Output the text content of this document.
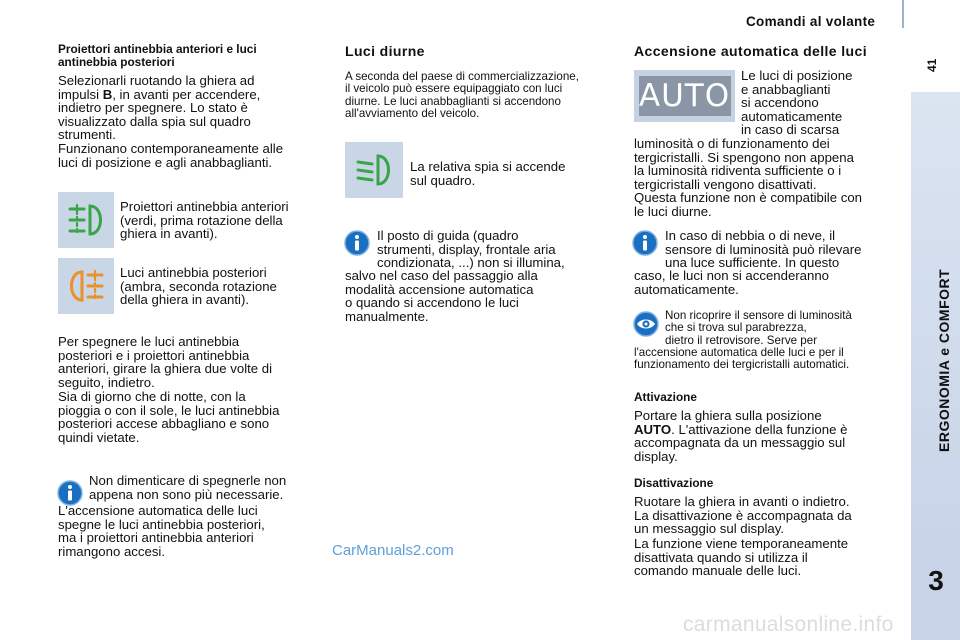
Comandi al volante
41
ERGONOMIA e COMFORT
3
Proiettori antinebbia anteriori e luci
antinebbia posteriori
Selezionarli ruotando la ghiera ad
impulsi B, in avanti per accendere,
indietro per spegnere. Lo stato è
visualizzato dalla spia sul quadro
strumenti.
Funzionano contemporaneamente alle
luci di posizione e agli anabbaglianti.
Proiettori antinebbia anteriori
(verdi, prima rotazione della
ghiera in avanti).
Luci antinebbia posteriori
(ambra, seconda rotazione
della ghiera in avanti).
Per spegnere le luci antinebbia
posteriori e i proiettori antinebbia
anteriori, girare la ghiera due volte di
seguito, indietro.
Sia di giorno che di notte, con la
pioggia o con il sole, le luci antinebbia
posteriori accese abbagliano e sono
quindi vietate.
Non dimenticare di spegnerle non
appena non sono più necessarie.
L'accensione automatica delle luci
spegne le luci antinebbia posteriori,
ma i proiettori antinebbia anteriori
rimangono accesi.
Luci diurne
A seconda del paese di commercializzazione,
il veicolo può essere equipaggiato con luci
diurne. Le luci anabbaglianti si accendono
all'avviamento del veicolo.
La relativa spia si accende
sul quadro.
Il posto di guida (quadro
strumenti, display, frontale aria
condizionata, ...) non si illumina,
salvo nel caso del passaggio alla
modalità accensione automatica
o quando si accendono le luci
manualmente.
CarManuals2.com
Accensione automatica delle luci
AUTO
Le luci di posizione
e anabbaglianti
si accendono
automaticamente
in caso di scarsa
luminosità o di funzionamento dei
tergicristalli. Si spengono non appena
la luminosità ridiventa sufficiente o i
tergicristalli vengono disattivati.
Questa funzione non è compatibile con
le luci diurne.
In caso di nebbia o di neve, il
sensore di luminosità può rilevare
una luce sufficiente. In questo
caso, le luci non si accenderanno
automaticamente.
Non ricoprire il sensore di luminosità
che si trova sul parabrezza,
dietro il retrovisore. Serve per
l'accensione automatica delle luci e per il
funzionamento dei tergicristalli automatici.
Attivazione
Portare la ghiera sulla posizione
AUTO. L'attivazione della funzione è
accompagnata da un messaggio sul
display.
Disattivazione
Ruotare la ghiera in avanti o indietro.
La disattivazione è accompagnata da
un messaggio sul display.
La funzione viene temporaneamente
disattivata quando si utilizza il
comando manuale delle luci.
carmanualsonline.info
